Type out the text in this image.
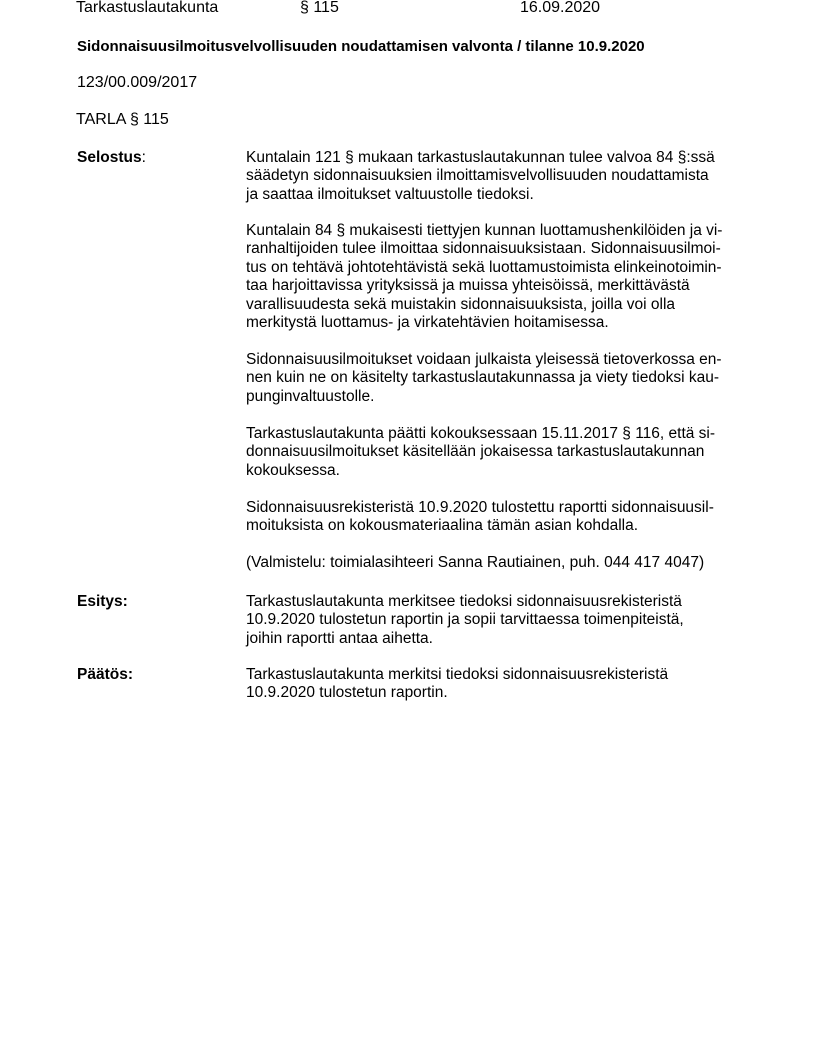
Tarkastuslautakunta	§ 115	16.09.2020
Sidonnaisuusilmoitusvelvollisuuden noudattamisen valvonta / tilanne 10.9.2020
123/00.009/2017
TARLA § 115
Selostus:	Kuntalain 121 § mukaan tarkastuslautakunnan tulee valvoa 84 §:ssä
säädetyn sidonnaisuuksien ilmoittamisvelvollisuuden noudattamista
ja saattaa ilmoitukset valtuustolle tiedoksi.
Kuntalain 84 § mukaisesti tiettyjen kunnan luottamushenkilöiden ja vi-
ranhaltijoiden tulee ilmoittaa sidonnaisuuksistaan. Sidonnaisuusilmoi-
tus on tehtävä johtotehtävistä sekä luottamustoimista elinkeinotoimin-
taa harjoittavissa yrityksissä ja muissa yhteisöissä, merkittävästä
varallisuudesta sekä muistakin sidonnaisuuksista, joilla voi olla
merkitystä luottamus- ja virkatehtävien hoitamisessa.
Sidonnaisuusilmoitukset voidaan julkaista yleisessä tietoverkossa en-
nen kuin ne on käsitelty tarkastuslautakunnassa ja viety tiedoksi kau-
punginvaltuustolle.
Tarkastuslautakunta päätti kokouksessaan 15.11.2017 § 116, että si-
donnaisuusilmoitukset käsitellään jokaisessa tarkastuslautakunnan
kokouksessa.
Sidonnaisuusrekisteristä 10.9.2020 tulostettu raportti sidonnaisuusil-
moituksista on kokousmateriaalina tämän asian kohdalla.
(Valmistelu: toimialasihteeri Sanna Rautiainen, puh. 044 417 4047)
Esitys:	Tarkastuslautakunta merkitsee tiedoksi sidonnaisuusrekisteristä
10.9.2020 tulostetun raportin ja sopii tarvittaessa toimenpiteistä,
joihin raportti antaa aihetta.
Päätös:	Tarkastuslautakunta merkitsi tiedoksi sidonnaisuusrekisteristä
10.9.2020 tulostetun raportin.
